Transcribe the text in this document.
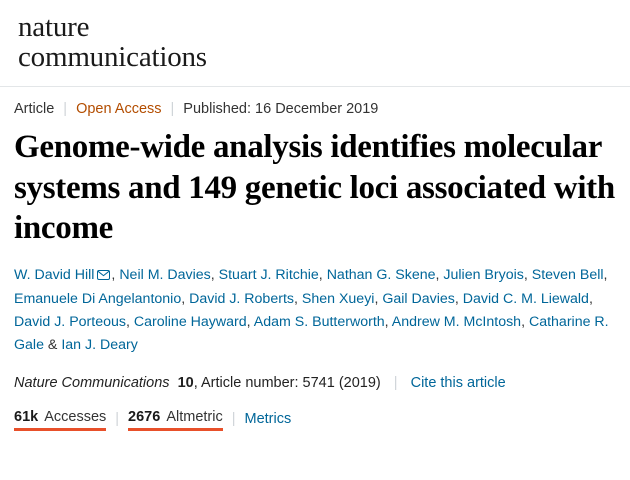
nature
communications
Article | Open Access | Published: 16 December 2019
Genome-wide analysis identifies molecular systems and 149 genetic loci associated with income
W. David Hill , Neil M. Davies, Stuart J. Ritchie, Nathan G. Skene, Julien Bryois, Steven Bell, Emanuele Di Angelantonio, David J. Roberts, Shen Xueyi, Gail Davies, David C. M. Liewald, David J. Porteous, Caroline Hayward, Adam S. Butterworth, Andrew M. McIntosh, Catharine R. Gale & Ian J. Deary
Nature Communications 10, Article number: 5741 (2019) | Cite this article
61k Accesses | 2676 Altmetric | Metrics
